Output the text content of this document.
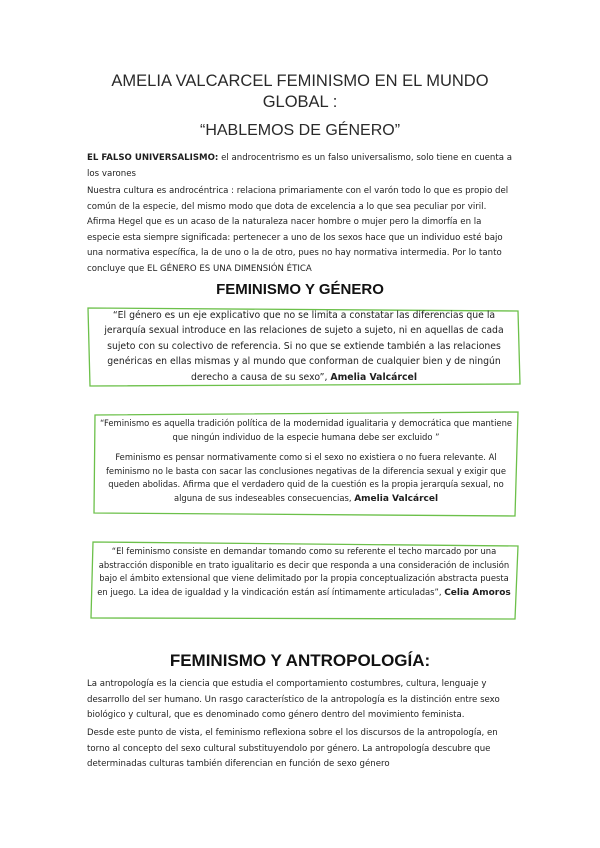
AMELIA VALCARCEL FEMINISMO EN EL MUNDO
GLOBAL :
“HABLEMOS DE GÉNERO”
EL FALSO UNIVERSALISMO: el androcentrismo es un falso universalismo, solo tiene en cuenta a los varones
Nuestra cultura es androcéntrica : relaciona primariamente con el varón todo lo que es propio del común de la especie, del mismo modo que dota de excelencia a lo que sea peculiar por viril. Afirma Hegel que es un acaso de la naturaleza nacer hombre o mujer pero la dimorfía en la especie esta siempre significada: pertenecer a uno de los sexos hace que un individuo esté bajo una normativa específica, la de uno o la de otro, pues no hay normativa intermedia. Por lo tanto concluye que EL GÉNERO ES UNA DIMENSIÓN ÉTICA
FEMINISMO Y GÉNERO
“El género es un eje explicativo que no se limita a constatar las diferencias que la jerarquía sexual introduce en las relaciones de sujeto a sujeto, ni en aquellas de cada sujeto con su colectivo de referencia. Si no que se extiende también a las relaciones genéricas en ellas mismas y al mundo que conforman de cualquier bien y de ningún derecho a causa de su sexo”, Amelia Valcárcel
“Feminismo es aquella tradición política de la modernidad igualitaria y democrática que mantiene que ningún individuo de la especie humana debe ser excluido ”
Feminismo es pensar normativamente como si el sexo no existiera o no fuera relevante. Al feminismo no le basta con sacar las conclusiones negativas de la diferencia sexual y exigir que queden abolidas. Afirma que el verdadero quid de la cuestión es la propia jerarquía sexual, no alguna de sus indeseables consecuencias, Amelia Valcárcel
“El feminismo consiste en demandar tomando como su referente el techo marcado por una abstracción disponible en trato igualitario es decir que responda a una consideración de inclusión bajo el ámbito extensional que viene delimitado por la propia conceptualización abstracta puesta en juego. La idea de igualdad y la vindicación están así íntimamente articuladas”, Celia Amoros
FEMINISMO Y ANTROPOLOGÍA:
La antropología es la ciencia que estudia el comportamiento costumbres, cultura, lenguaje y desarrollo del ser humano. Un rasgo característico de la antropología es la distinción entre sexo biológico y cultural, que es denominado como género dentro del movimiento feminista.
Desde este punto de vista, el feminismo reflexiona sobre el los discursos de la antropología, en torno al concepto del sexo cultural substituyendolo por género. La antropología descubre que determinadas culturas también diferencian en función de sexo género
